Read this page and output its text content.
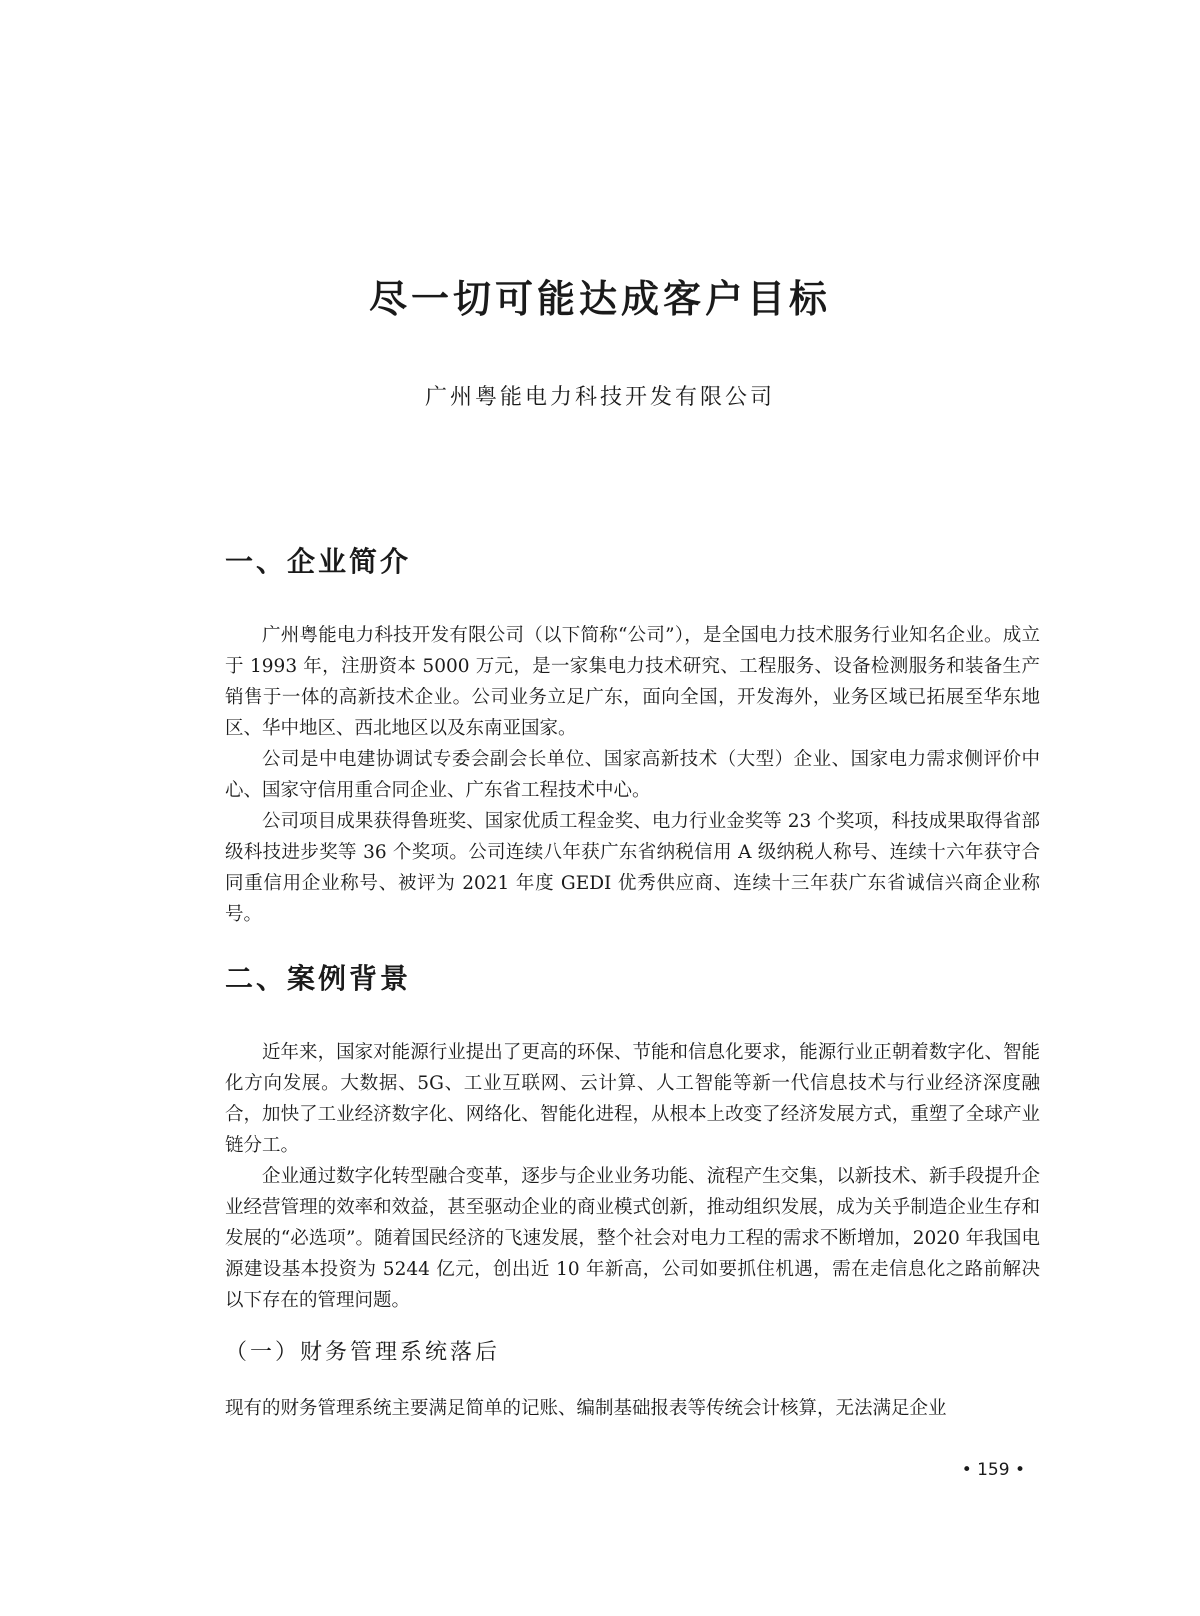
尽一切可能达成客户目标
广州粤能电力科技开发有限公司
一、企业简介
广州粤能电力科技开发有限公司（以下简称“公司”），是全国电力技术服务行业知名企业。成立于 1993 年，注册资本 5000 万元，是一家集电力技术研究、工程服务、设备检测服务和装备生产销售于一体的高新技术企业。公司业务立足广东，面向全国，开发海外，业务区域已拓展至华东地区、华中地区、西北地区以及东南亚国家。
公司是中电建协调试专委会副会长单位、国家高新技术（大型）企业、国家电力需求侧评价中心、国家守信用重合同企业、广东省工程技术中心。
公司项目成果获得鲁班奖、国家优质工程金奖、电力行业金奖等 23 个奖项，科技成果取得省部级科技进步奖等 36 个奖项。公司连续八年获广东省纳税信用 A 级纳税人称号、连续十六年获守合同重信用企业称号、被评为 2021 年度 GEDI 优秀供应商、连续十三年获广东省诚信兴商企业称号。
二、案例背景
近年来，国家对能源行业提出了更高的环保、节能和信息化要求，能源行业正朝着数字化、智能化方向发展。大数据、5G、工业互联网、云计算、人工智能等新一代信息技术与行业经济深度融合，加快了工业经济数字化、网络化、智能化进程，从根本上改变了经济发展方式，重塑了全球产业链分工。
企业通过数字化转型融合变革，逐步与企业业务功能、流程产生交集，以新技术、新手段提升企业经营管理的效率和效益，甚至驱动企业的商业模式创新，推动组织发展，成为关乎制造企业生存和发展的“必选项”。随着国民经济的飞速发展，整个社会对电力工程的需求不断增加，2020 年我国电源建设基本投资为 5244 亿元，创出近 10 年新高，公司如要抓住机遇，需在走信息化之路前解决以下存在的管理问题。
（一）财务管理系统落后
现有的财务管理系统主要满足简单的记账、编制基础报表等传统会计核算，无法满足企业
• 159 •
